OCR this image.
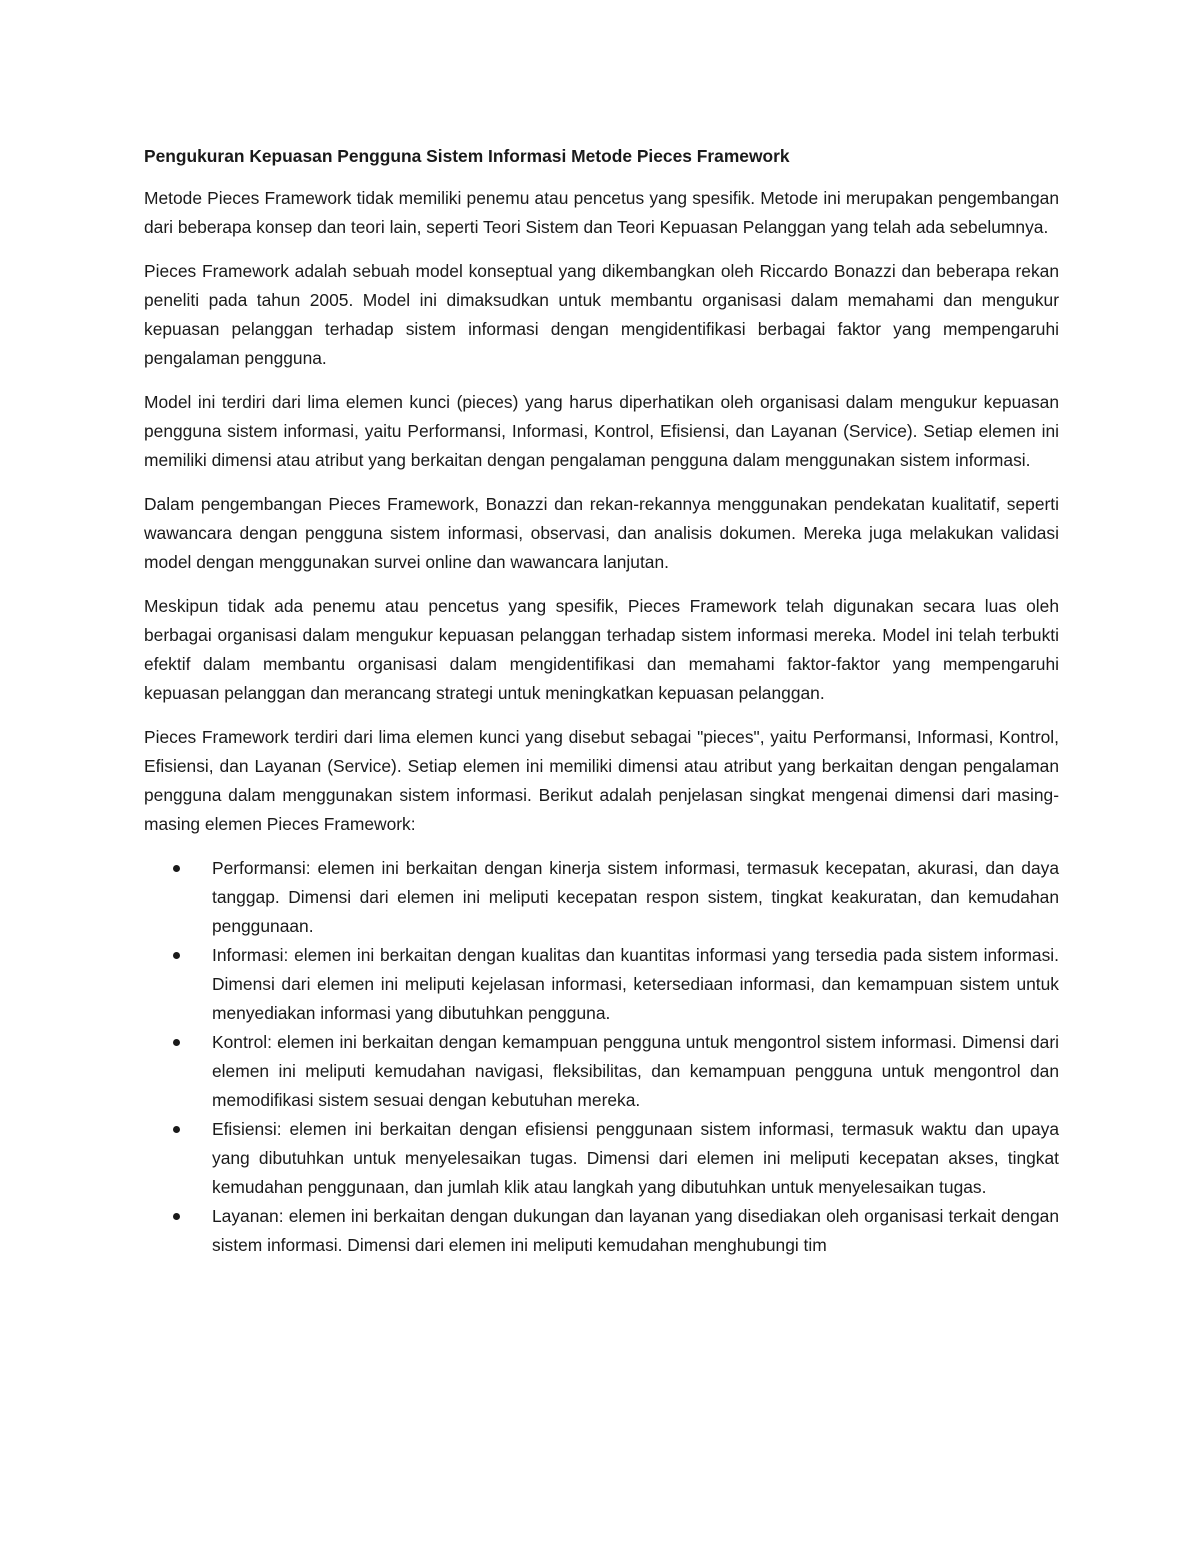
Pengukuran Kepuasan Pengguna Sistem Informasi Metode Pieces Framework

Metode Pieces Framework tidak memiliki penemu atau pencetus yang spesifik. Metode ini merupakan pengembangan dari beberapa konsep dan teori lain, seperti Teori Sistem dan Teori Kepuasan Pelanggan yang telah ada sebelumnya.

Pieces Framework adalah sebuah model konseptual yang dikembangkan oleh Riccardo Bonazzi dan beberapa rekan peneliti pada tahun 2005. Model ini dimaksudkan untuk membantu organisasi dalam memahami dan mengukur kepuasan pelanggan terhadap sistem informasi dengan mengidentifikasi berbagai faktor yang mempengaruhi pengalaman pengguna.

Model ini terdiri dari lima elemen kunci (pieces) yang harus diperhatikan oleh organisasi dalam mengukur kepuasan pengguna sistem informasi, yaitu Performansi, Informasi, Kontrol, Efisiensi, dan Layanan (Service). Setiap elemen ini memiliki dimensi atau atribut yang berkaitan dengan pengalaman pengguna dalam menggunakan sistem informasi.

Dalam pengembangan Pieces Framework, Bonazzi dan rekan-rekannya menggunakan pendekatan kualitatif, seperti wawancara dengan pengguna sistem informasi, observasi, dan analisis dokumen. Mereka juga melakukan validasi model dengan menggunakan survei online dan wawancara lanjutan.

Meskipun tidak ada penemu atau pencetus yang spesifik, Pieces Framework telah digunakan secara luas oleh berbagai organisasi dalam mengukur kepuasan pelanggan terhadap sistem informasi mereka. Model ini telah terbukti efektif dalam membantu organisasi dalam mengidentifikasi dan memahami faktor-faktor yang mempengaruhi kepuasan pelanggan dan merancang strategi untuk meningkatkan kepuasan pelanggan.

Pieces Framework terdiri dari lima elemen kunci yang disebut sebagai "pieces", yaitu Performansi, Informasi, Kontrol, Efisiensi, dan Layanan (Service). Setiap elemen ini memiliki dimensi atau atribut yang berkaitan dengan pengalaman pengguna dalam menggunakan sistem informasi. Berikut adalah penjelasan singkat mengenai dimensi dari masing-masing elemen Pieces Framework:

Performansi: elemen ini berkaitan dengan kinerja sistem informasi, termasuk kecepatan, akurasi, dan daya tanggap. Dimensi dari elemen ini meliputi kecepatan respon sistem, tingkat keakuratan, dan kemudahan penggunaan.
Informasi: elemen ini berkaitan dengan kualitas dan kuantitas informasi yang tersedia pada sistem informasi. Dimensi dari elemen ini meliputi kejelasan informasi, ketersediaan informasi, dan kemampuan sistem untuk menyediakan informasi yang dibutuhkan pengguna.
Kontrol: elemen ini berkaitan dengan kemampuan pengguna untuk mengontrol sistem informasi. Dimensi dari elemen ini meliputi kemudahan navigasi, fleksibilitas, dan kemampuan pengguna untuk mengontrol dan memodifikasi sistem sesuai dengan kebutuhan mereka.
Efisiensi: elemen ini berkaitan dengan efisiensi penggunaan sistem informasi, termasuk waktu dan upaya yang dibutuhkan untuk menyelesaikan tugas. Dimensi dari elemen ini meliputi kecepatan akses, tingkat kemudahan penggunaan, dan jumlah klik atau langkah yang dibutuhkan untuk menyelesaikan tugas.
Layanan: elemen ini berkaitan dengan dukungan dan layanan yang disediakan oleh organisasi terkait dengan sistem informasi. Dimensi dari elemen ini meliputi kemudahan menghubungi tim
